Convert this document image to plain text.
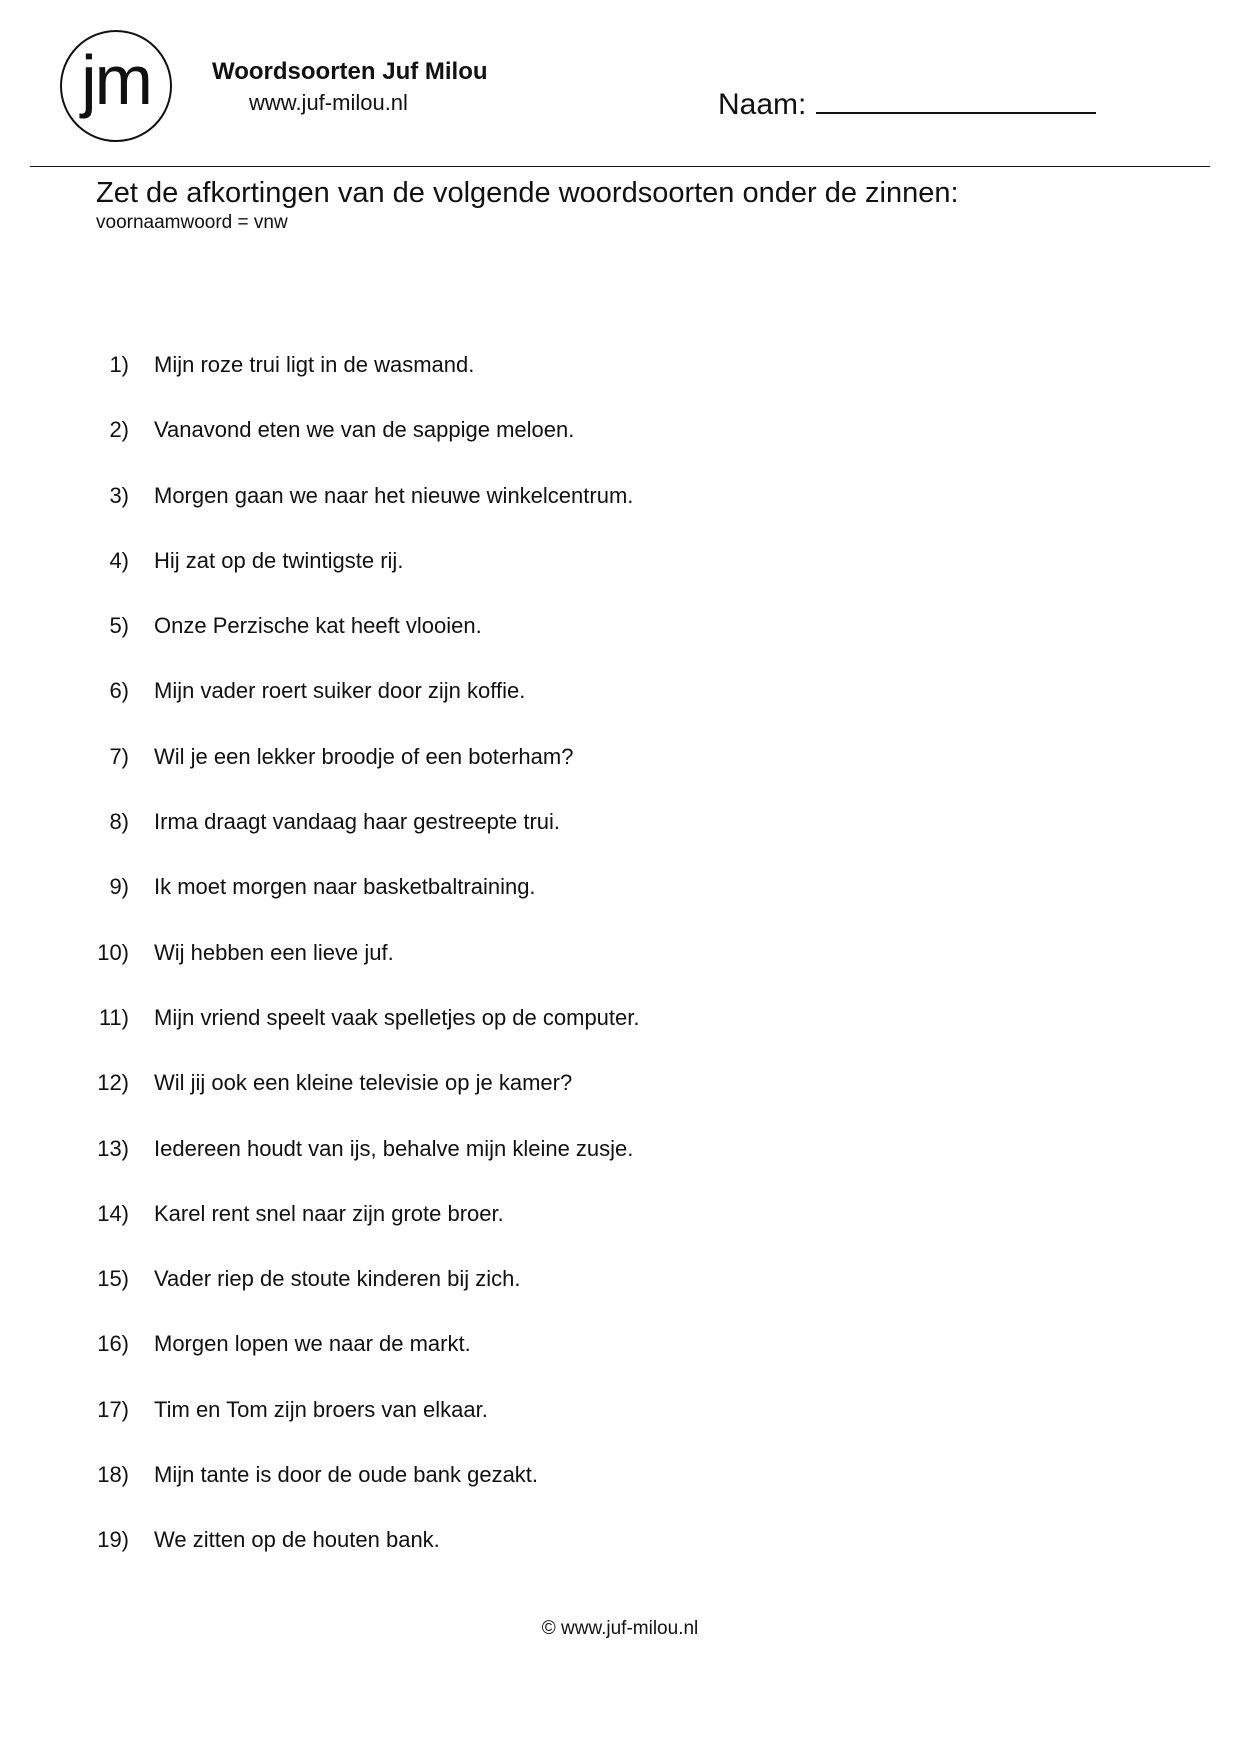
jm	Woordsoorten Juf Milou
www.juf-milou.nl	Naam:
Zet de afkortingen van de volgende woordsoorten onder de zinnen:
voornaamwoord = vnw
1) Mijn roze trui ligt in de wasmand.
2) Vanavond eten we van de sappige meloen.
3) Morgen gaan we naar het nieuwe winkelcentrum.
4) Hij zat op de twintigste rij.
5) Onze Perzische kat heeft vlooien.
6) Mijn vader roert suiker door zijn koffie.
7) Wil je een lekker broodje of een boterham?
8) Irma draagt vandaag haar gestreepte trui.
9) Ik moet morgen naar basketbaltraining.
10) Wij hebben een lieve juf.
11) Mijn vriend speelt vaak spelletjes op de computer.
12) Wil jij ook een kleine televisie op je kamer?
13) Iedereen houdt van ijs, behalve mijn kleine zusje.
14) Karel rent snel naar zijn grote broer.
15) Vader riep de stoute kinderen bij zich.
16) Morgen lopen we naar de markt.
17) Tim en Tom zijn broers van elkaar.
18) Mijn tante is door de oude bank gezakt.
19) We zitten op de houten bank.
© www.juf-milou.nl
